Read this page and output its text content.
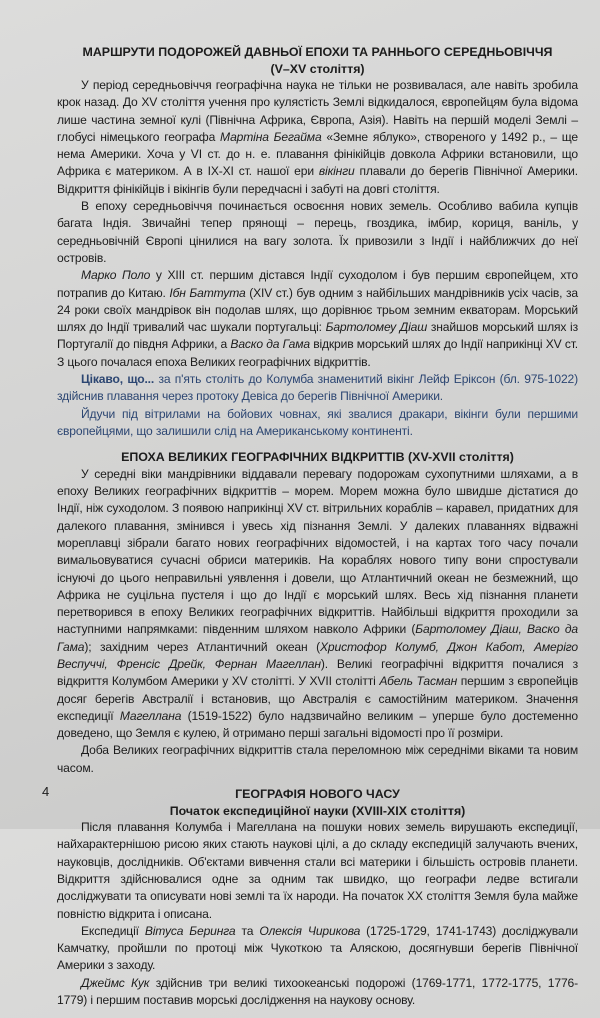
МАРШРУТИ ПОДОРОЖЕЙ ДАВНЬОЇ ЕПОХИ ТА РАННЬОГО СЕРЕДНЬОВІЧЧЯ
(V–XV століття)

У період середньовіччя географічна наука не тільки не розвивалася, але навіть зробила крок назад. До XV століття учення про кулястість Землі відкидалося, європейцям була відома лише частина земної кулі (Північна Африка, Європа, Азія). Навіть на першій моделі Землі – глобусі німецького географа Мартіна Бегайма «Земне яблуко», створеного у 1492 р., – ще нема Америки. Хоча у VI ст. до н. е. плавання фінікійців довкола Африки встановили, що Африка є материком. А в IX-XI ст. нашої ери вікінги плавали до берегів Північної Америки. Відкриття фінікійців і вікінгів були передчасні і забуті на довгі століття.

В епоху середньовіччя починається освоєння нових земель. Особливо вабила купців багата Індія. Звичайні тепер прянощі – перець, гвоздика, імбир, кориця, ваніль, у середньовічній Європі цінилися на вагу золота. Їх привозили з Індії і найближчих до неї островів.

Марко Поло у XIII ст. першим дістався Індії суходолом і був першим європейцем, хто потрапив до Китаю. Ібн Баттута (XIV ст.) був одним з найбільших мандрівників усіх часів, за 24 роки своїх мандрівок він подолав шлях, що дорівнює трьом земним екваторам. Морський шлях до Індії тривалий час шукали португальці: Бартоломеу Діаш знайшов морський шлях із Португалії до півдня Африки, а Васко да Гама відкрив морський шлях до Індії наприкінці XV ст. З цього почалася епоха Великих географічних відкриттів.

Цікаво, що... за п'ять століть до Колумба знаменитий вікінг Лейф Еріксон (бл. 975-1022) здійснив плавання через протоку Девіса до берегів Північної Америки.

Йдучи під вітрилами на бойових човнах, які звалися дракари, вікінги були першими європейцями, що залишили слід на Американському континенті.

ЕПОХА ВЕЛИКИХ ГЕОГРАФІЧНИХ ВІДКРИТТІВ (XV-XVII століття)

У середні віки мандрівники віддавали перевагу подорожам сухопутними шляхами, а в епоху Великих географічних відкриттів – морем. Морем можна було швидше дістатися до Індії, ніж суходолом. З появою наприкінці XV ст. вітрильних кораблів – каравел, придатних для далекого плавання, змінився і увесь хід пізнання Землі. У далеких плаваннях відважні мореплавці зібрали багато нових географічних відомостей, і на картах того часу почали вимальовуватися сучасні обриси материків. На кораблях нового типу вони спростували існуючі до цього неправильні уявлення і довели, що Атлантичний океан не безмежний, що Африка не суцільна пустеля і що до Індії є морський шлях. Весь хід пізнання планети перетворився в епоху Великих географічних відкриттів. Найбільші відкриття проходили за наступними напрямками: південним шляхом навколо Африки (Бартоломеу Діаш, Васко да Гама); західним через Атлантичний океан (Христофор Колумб, Джон Кабот, Амеріго Веспуччі, Френсіс Дрейк, Фернан Магеллан). Великі географічні відкриття почалися з відкриття Колумбом Америки у XV столітті. У XVII столітті Абель Тасман першим з європейців досяг берегів Австралії і встановив, що Австралія є самостійним материком. Значення експедиції Магеллана (1519-1522) було надзвичайно великим – уперше було достеменно доведено, що Земля є кулею, й отримано перші загальні відомості про її розміри.

Доба Великих географічних відкриттів стала переломною між середніми віками та новим часом.

ГЕОГРАФІЯ НОВОГО ЧАСУ
Початок експедиційної науки (XVIII-XIX століття)

Після плавання Колумба і Магеллана на пошуки нових земель вирушають експедиції, найхарактернішою рисою яких стають наукові цілі, а до складу експедицій залучають вчених, науковців, дослідників. Об'єктами вивчення стали всі материки і більшість островів планети. Відкриття здійснювалися одне за одним так швидко, що географи ледве встигали досліджувати та описувати нові землі та їх народи. На початок XX століття Земля була майже повністю відкрита і описана.

Експедиції Вітуса Беринга та Олексія Чирикова (1725-1729, 1741-1743) досліджували Камчатку, пройшли по протоці між Чукоткою та Аляскою, досягнувши берегів Північної Америки з заходу.

Джеймс Кук здійснив три великі тихоокеанські подорожі (1769-1771, 1772-1775, 1776-1779) і першим поставив морські дослідження на наукову основу.

4
